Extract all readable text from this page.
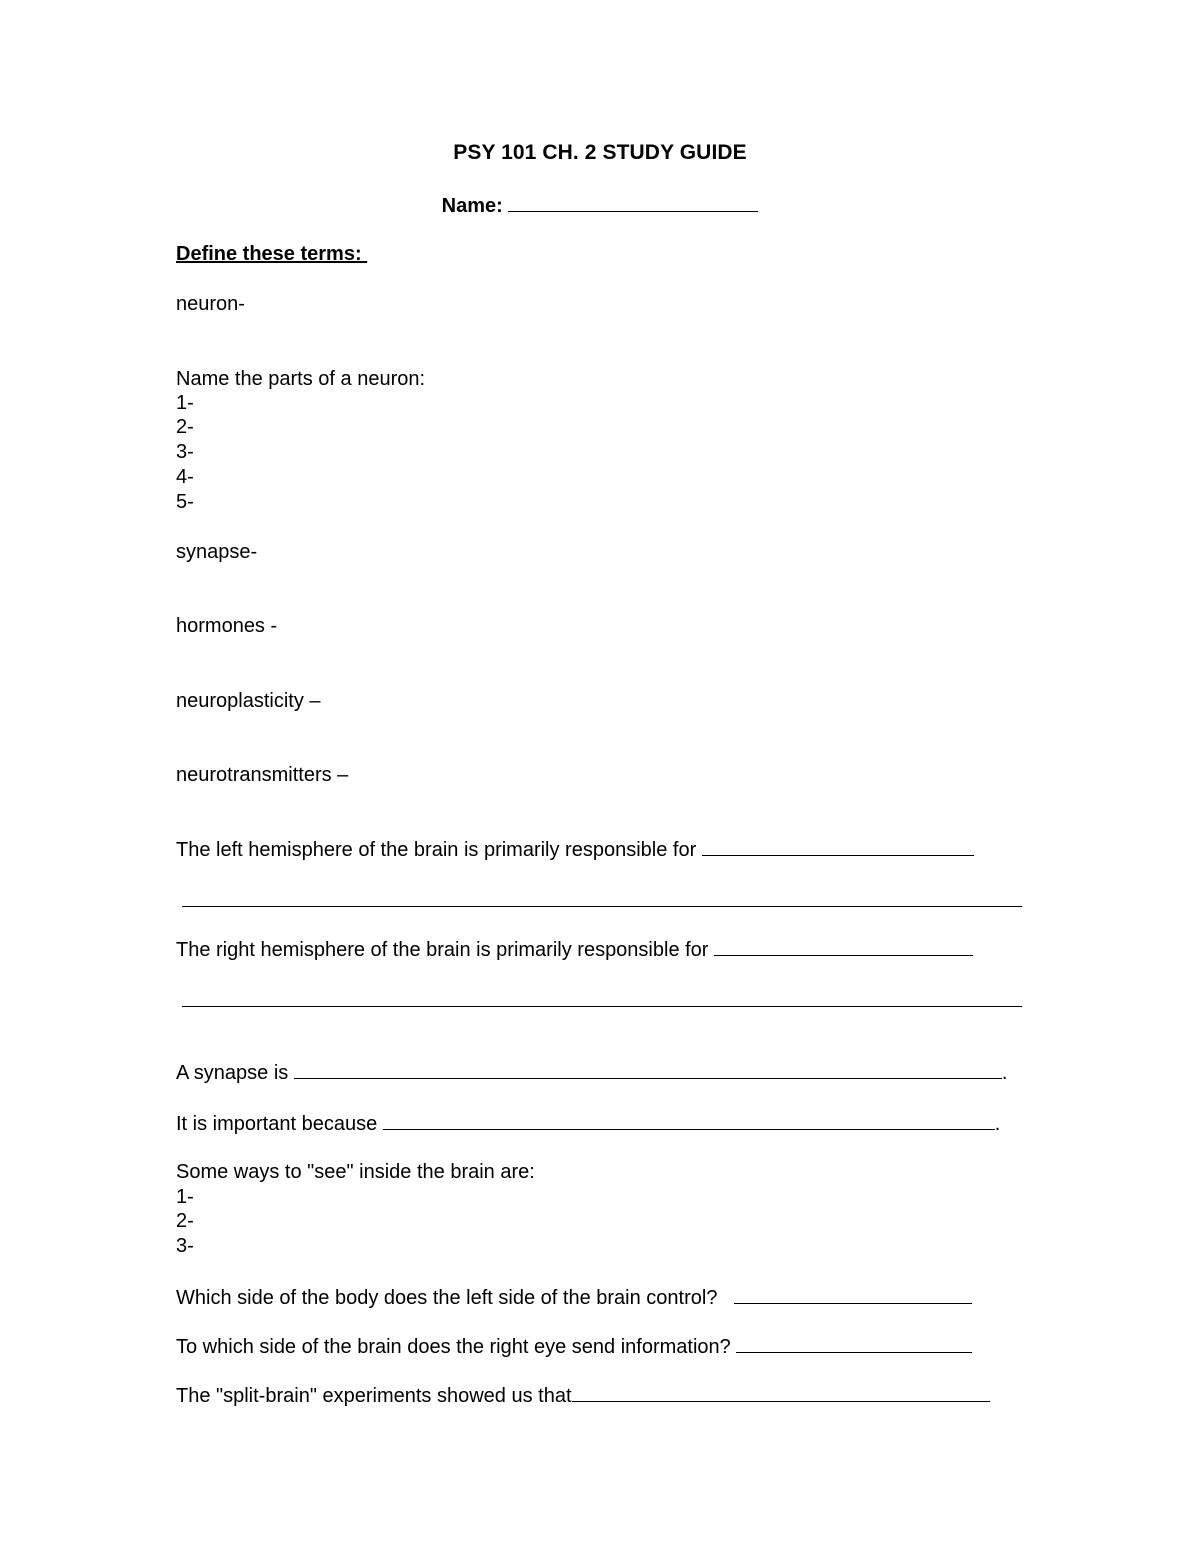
PSY 101 CH. 2 STUDY GUIDE
Name:
Define these terms:
neuron-
Name the parts of a neuron:
1-
2-
3-
4-
5-
synapse-
hormones -
neuroplasticity –
neurotransmitters –
The left hemisphere of the brain is primarily responsible for
The right hemisphere of the brain is primarily responsible for
A synapse is	.
It is important because	.
Some ways to "see" inside the brain are:
1-
2-
3-
Which side of the body does the left side of the brain control?
To which side of the brain does the right eye send information?
The "split-brain" experiments showed us that
